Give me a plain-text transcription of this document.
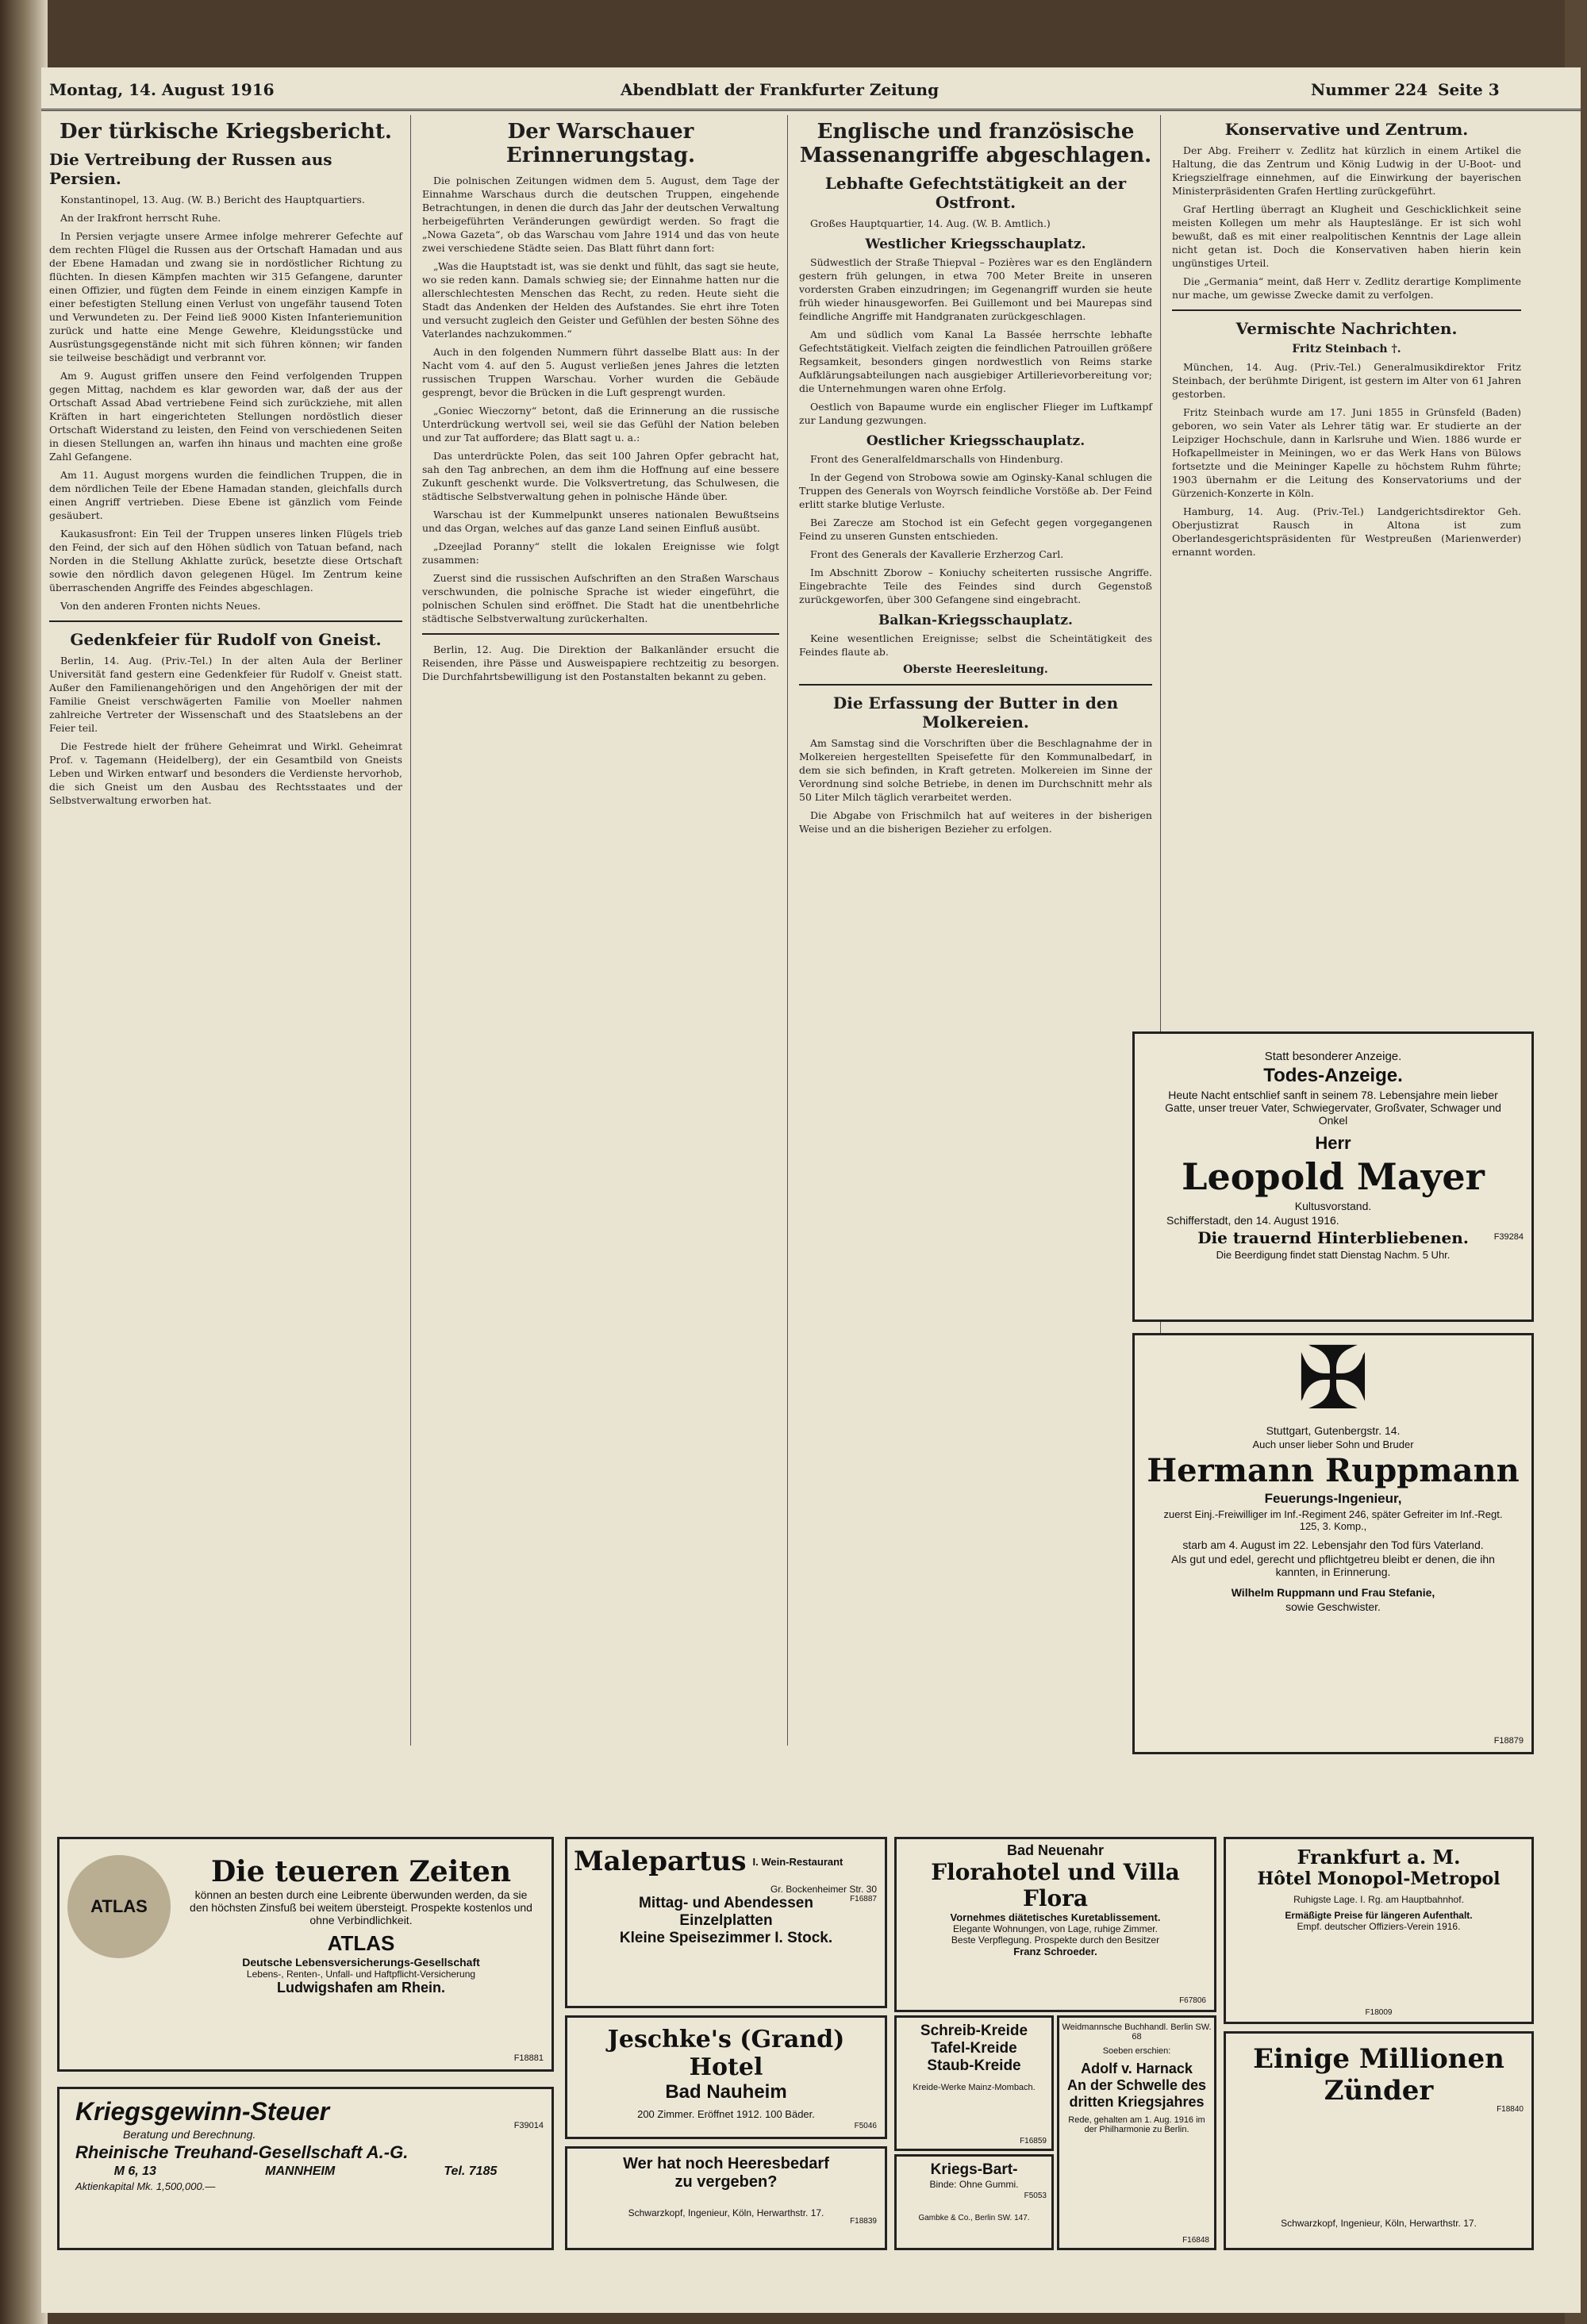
Montag, 14. August 1916	Abendblatt der Frankfurter Zeitung	Nummer 224 Seite 3
Der türkische Kriegsbericht.
Die Vertreibung der Russen aus Persien.

Konstantinopel, 13. Aug. (W. B.) Bericht des Hauptquartiers.

An der Irakfront herrscht Ruhe.

In Persien verjagte unsere Armee infolge mehrerer Gefechte auf dem rechten Flügel die Russen aus der Ortschaft Hamadan und aus der Ebene Hamadan und zwang sie in nordöstlicher Richtung zu flüchten. In diesen Kämpfen machten wir 315 Gefangene, darunter einen Offizier, und fügten dem Feinde in einem einzigen Kampfe in einer befestigten Stellung einen Verlust von ungefähr tausend Toten und Verwundeten zu. Der Feind ließ 9000 Kisten Infanteriemunition zurück und hatte eine Menge Gewehre, Kleidungsstücke und Ausrüstungsgegenstände nicht mit sich führen können; wir fanden sie teilweise beschädigt und verbrannt vor.

Am 9. August griffen unsere den Feind verfolgenden Truppen gegen Mittag, nachdem es klar geworden war, daß der aus der Ortschaft Assad Abad vertriebene Feind sich zurückziehe, mit allen Kräften in hart eingerichteten Stellungen nordöstlich dieser Ortschaft Widerstand zu leisten, den Feind von verschiedenen Seiten in diesen Stellungen an, warfen ihn hinaus und machten eine große Zahl Gefangene.

Am 11. August morgens wurden die feindlichen Truppen, die in dem nördlichen Teile der Ebene Hamadan standen, gleichfalls durch einen Angriff vertrieben. Diese Ebene ist gänzlich vom Feinde gesäubert.

Kaukasusfront: Ein Teil der Truppen unseres linken Flügels trieb den Feind, der sich auf den Höhen südlich von Tatuan befand, nach Norden in die Stellung Akhlatte zurück, besetzte diese Ortschaft sowie den nördlich davon gelegenen Hügel. Im Zentrum keine überraschenden Angriffe des Feindes abgeschlagen.

Von den anderen Fronten nichts Neues.

Gedenkfeier für Rudolf von Gneist.

Berlin, 14. Aug. (Priv.-Tel.) In der alten Aula der Berliner Universität fand gestern eine Gedenkfeier für Rudolf v. Gneist statt. Außer den Familienangehörigen und den Angehörigen der mit der Familie Gneist verschwägerten Familie von Moeller nahmen zahlreiche Vertreter der Wissenschaft und des Staatslebens an der Feier teil.

Die Festrede hielt der frühere Geheimrat und Wirkl. Geheimrat Prof. v. Tagemann (Heidelberg), der ein Gesamtbild von Gneists Leben und Wirken entwarf und besonders die Verdienste hervorhob, die sich Gneist um den Ausbau des Rechtsstaates und der Selbstverwaltung erworben hat.

Der Warschauer Erinnerungstag.

Die polnischen Zeitungen widmen dem 5. August, dem Tage der Einnahme Warschaus durch die deutschen Truppen, eingehende Betrachtungen, in denen die durch das Jahr der deutschen Verwaltung herbeigeführten Veränderungen gewürdigt werden. So fragt die „Nowa Gazeta“, ob das Warschau vom Jahre 1914 und das von heute zwei verschiedene Städte seien. Das Blatt führt dann fort:

„Was die Hauptstadt ist, was sie denkt und fühlt, das sagt sie heute, wo sie reden kann. Damals schwieg sie; der Einnahme hatten nur die allerschlechtesten Menschen das Recht, zu reden. Heute sieht die Stadt das Andenken der Helden des Aufstandes. Sie ehrt ihre Toten und versucht zugleich den Geister und Gefühlen der besten Söhne des Vaterlandes nachzukommen.“

Auch in den folgenden Nummern führt dasselbe Blatt aus: In der Nacht vom 4. auf den 5. August verließen jenes Jahres die letzten russischen Truppen Warschau. Vorher wurden die Gebäude gesprengt, bevor die Brücken in die Luft gesprengt wurden.

„Goniec Wieczorny“ betont, daß die Erinnerung an die russische Unterdrückung wertvoll sei, weil sie das Gefühl der Nation beleben und zur Tat auffordere; das Blatt sagt u. a.:

Das unterdrückte Polen, das seit 100 Jahren Opfer gebracht hat, sah den Tag anbrechen, an dem ihm die Hoffnung auf eine bessere Zukunft geschenkt wurde. Die Volksvertretung, das Schulwesen, die städtische Selbstverwaltung gehen in polnische Hände über.

Warschau ist der Kummelpunkt unseres nationalen Bewußtseins und das Organ, welches auf das ganze Land seinen Einfluß ausübt.

„Dzeejlad Poranny“ stellt die lokalen Ereignisse wie folgt zusammen:

Zuerst sind die russischen Aufschriften an den Straßen Warschaus verschwunden, die polnische Sprache ist wieder eingeführt, die polnischen Schulen sind eröffnet. Die Stadt hat die unentbehrliche städtische Selbstverwaltung zurückerhalten.

Berlin, 12. Aug. Die Direktion der Balkanländer ersucht die Reisenden, ihre Pässe und Ausweispapiere rechtzeitig zu besorgen. Die Durchfahrtsbewilligung ist den Postanstalten bekannt zu geben.

Englische und französische Massenangriffe abgeschlagen.
Lebhafte Gefechtstätigkeit an der Ostfront.

Großes Hauptquartier, 14. Aug. (W. B. Amtlich.)

Westlicher Kriegsschauplatz.

Südwestlich der Straße Thiepval – Pozières war es den Engländern gestern früh gelungen, in etwa 700 Meter Breite in unseren vordersten Graben einzudringen; im Gegenangriff wurden sie heute früh wieder hinausgeworfen. Bei Guillemont und bei Maurepas sind feindliche Angriffe mit Handgranaten zurückgeschlagen.

Am und südlich vom Kanal La Bassée herrschte lebhafte Gefechtstätigkeit. Vielfach zeigten die feindlichen Patrouillen größere Regsamkeit, besonders gingen nordwestlich von Reims starke Aufklärungsabteilungen nach ausgiebiger Artillerievorbereitung vor; die Unternehmungen waren ohne Erfolg.

Oestlich von Bapaume wurde ein englischer Flieger im Luftkampf zur Landung gezwungen.

Oestlicher Kriegsschauplatz.

Front des Generalfeldmarschalls von Hindenburg.

In der Gegend von Strobowa sowie am Oginsky-Kanal schlugen die Truppen des Generals von Woyrsch feindliche Vorstöße ab. Der Feind erlitt starke blutige Verluste.

Bei Zarecze am Stochod ist ein Gefecht gegen vorgegangenen Feind zu unseren Gunsten entschieden.

Front des Generals der Kavallerie Erzherzog Carl.

Im Abschnitt Zborow – Koniuchy scheiterten russische Angriffe. Eingebrachte Teile des Feindes sind durch Gegenstoß zurückgeworfen, über 300 Gefangene sind eingebracht.

Balkan-Kriegsschauplatz.

Keine wesentlichen Ereignisse; selbst die Scheintätigkeit des Feindes flaute ab.

Oberste Heeresleitung.
Die Erfassung der Butter in den Molkereien.

Am Samstag sind die Vorschriften über die Beschlagnahme der in Molkereien hergestellten Speisefette für den Kommunalbedarf, in dem sie sich befinden, in Kraft getreten. Molkereien im Sinne der Verordnung sind solche Betriebe, in denen im Durchschnitt mehr als 50 Liter Milch täglich verarbeitet werden.

Die Abgabe von Frischmilch hat auf weiteres in der bisherigen Weise und an die bisherigen Bezieher zu erfolgen.

Konservative und Zentrum.

Der Abg. Freiherr v. Zedlitz hat kürzlich in einem Artikel die Haltung, die das Zentrum und König Ludwig in der U-Boot- und Kriegszielfrage einnehmen, auf die Einwirkung der bayerischen Ministerpräsidenten Grafen Hertling zurückgeführt.

Graf Hertling überragt an Klugheit und Geschicklichkeit seine meisten Kollegen um mehr als Haupteslänge. Er ist sich wohl bewußt, daß es mit einer realpolitischen Kenntnis der Lage allein nicht getan ist. Doch die Konservativen haben hierin kein ungünstiges Urteil.

Die „Germania“ meint, daß Herr v. Zedlitz derartige Komplimente nur mache, um gewisse Zwecke damit zu verfolgen.

Vermischte Nachrichten.
Fritz Steinbach †.

München, 14. Aug. (Priv.-Tel.) Generalmusikdirektor Fritz Steinbach, der berühmte Dirigent, ist gestern im Alter von 61 Jahren gestorben.

Fritz Steinbach wurde am 17. Juni 1855 in Grünsfeld (Baden) geboren, wo sein Vater als Lehrer tätig war. Er studierte an der Leipziger Hochschule, dann in Karlsruhe und Wien. 1886 wurde er Hofkapellmeister in Meiningen, wo er das Werk Hans von Bülows fortsetzte und die Meininger Kapelle zu höchstem Ruhm führte; 1903 übernahm er die Leitung des Konservatoriums und der Gürzenich-Konzerte in Köln.

Hamburg, 14. Aug. (Priv.-Tel.) Landgerichtsdirektor Geh. Oberjustizrat Rausch in Altona ist zum Oberlandesgerichtspräsidenten für Westpreußen (Marienwerder) ernannt worden.

Statt besonderer Anzeige.
Todes-Anzeige.
Heute Nacht entschlief sanft in seinem 78. Lebensjahre mein lieber Gatte, unser treuer Vater, Schwiegervater, Großvater, Schwager und Onkel
Herr
Leopold Mayer
Kultusvorstand.
Schifferstadt, den 14. August 1916.
Die trauernd Hinterbliebenen.
Die Beerdigung findet statt Dienstag Nachm. 5 Uhr.
F39284
✠
Stuttgart, Gutenbergstr. 14.
Auch unser lieber Sohn und Bruder
Hermann Ruppmann
Feuerungs-Ingenieur,
zuerst Einj.-Freiwilliger im Inf.-Regiment 246, später Gefreiter im Inf.-Regt. 125, 3. Komp.,
starb am 4. August im 22. Lebensjahr den Tod fürs Vaterland.
Als gut und edel, gerecht und pflichtgetreu bleibt er denen, die ihn kannten, in Erinnerung.
Wilhelm Ruppmann und Frau Stefanie,
sowie Geschwister.
F18879
ATLAS
Die teueren Zeiten
können an besten durch eine Leibrente überwunden werden, da sie den höchsten Zinsfuß bei weitem übersteigt. Prospekte kostenlos und ohne Verbindlichkeit.
ATLAS
Deutsche Lebensversicherungs-Gesellschaft
Lebens-, Renten-, Unfall- und Haftpflicht-Versicherung
Ludwigshafen am Rhein.
F18881
Kriegsgewinn-Steuer
Beratung und Berechnung.
Rheinische Treuhand-Gesellschaft A.-G.
M 6, 13	MANNHEIM	Tel. 7185
Aktienkapital Mk. 1,500,000.—
F39014
Malepartus I. Wein-Restaurant
Gr. Bockenheimer Str. 30
Mittag- und Abendessen
Einzelplatten
Kleine Speisezimmer I. Stock.
F16887
Jeschke's (Grand) Hotel
Bad Nauheim
200 Zimmer. Eröffnet 1912. 100 Bäder.
F5046
Wer hat noch Heeresbedarf
zu vergeben?
Schwarzkopf, Ingenieur, Köln, Herwarthstr. 17.
F18839
Bad Neuenahr
Florahotel und Villa Flora
Vornehmes diätetisches Kuretablissement.
Elegante Wohnungen, von Lage, ruhige Zimmer.
Beste Verpflegung. Prospekte durch den Besitzer
Franz Schroeder.
F67806
Schreib-Kreide
Tafel-Kreide
Staub-Kreide
Kreide-Werke Mainz-Mombach.
F16859
Kriegs-Bart-
Binde: Ohne Gummi.
Gambke & Co., Berlin SW. 147.
F5053
Weidmannsche Buchhandl. Berlin SW. 68
Soeben erschien:
Adolf v. Harnack
An der Schwelle des dritten Kriegsjahres
Rede, gehalten am 1. Aug. 1916 im der Philharmonie zu Berlin.
F16848
Frankfurt a. M.
Hôtel Monopol-Metropol
Ruhigste Lage. I. Rg. am Hauptbahnhof.
Ermäßigte Preise für längeren Aufenthalt.
Empf. deutscher Offiziers-Verein 1916.
F18009
Einige Millionen Zünder
Schwarzkopf, Ingenieur, Köln, Herwarthstr. 17.
F18840
